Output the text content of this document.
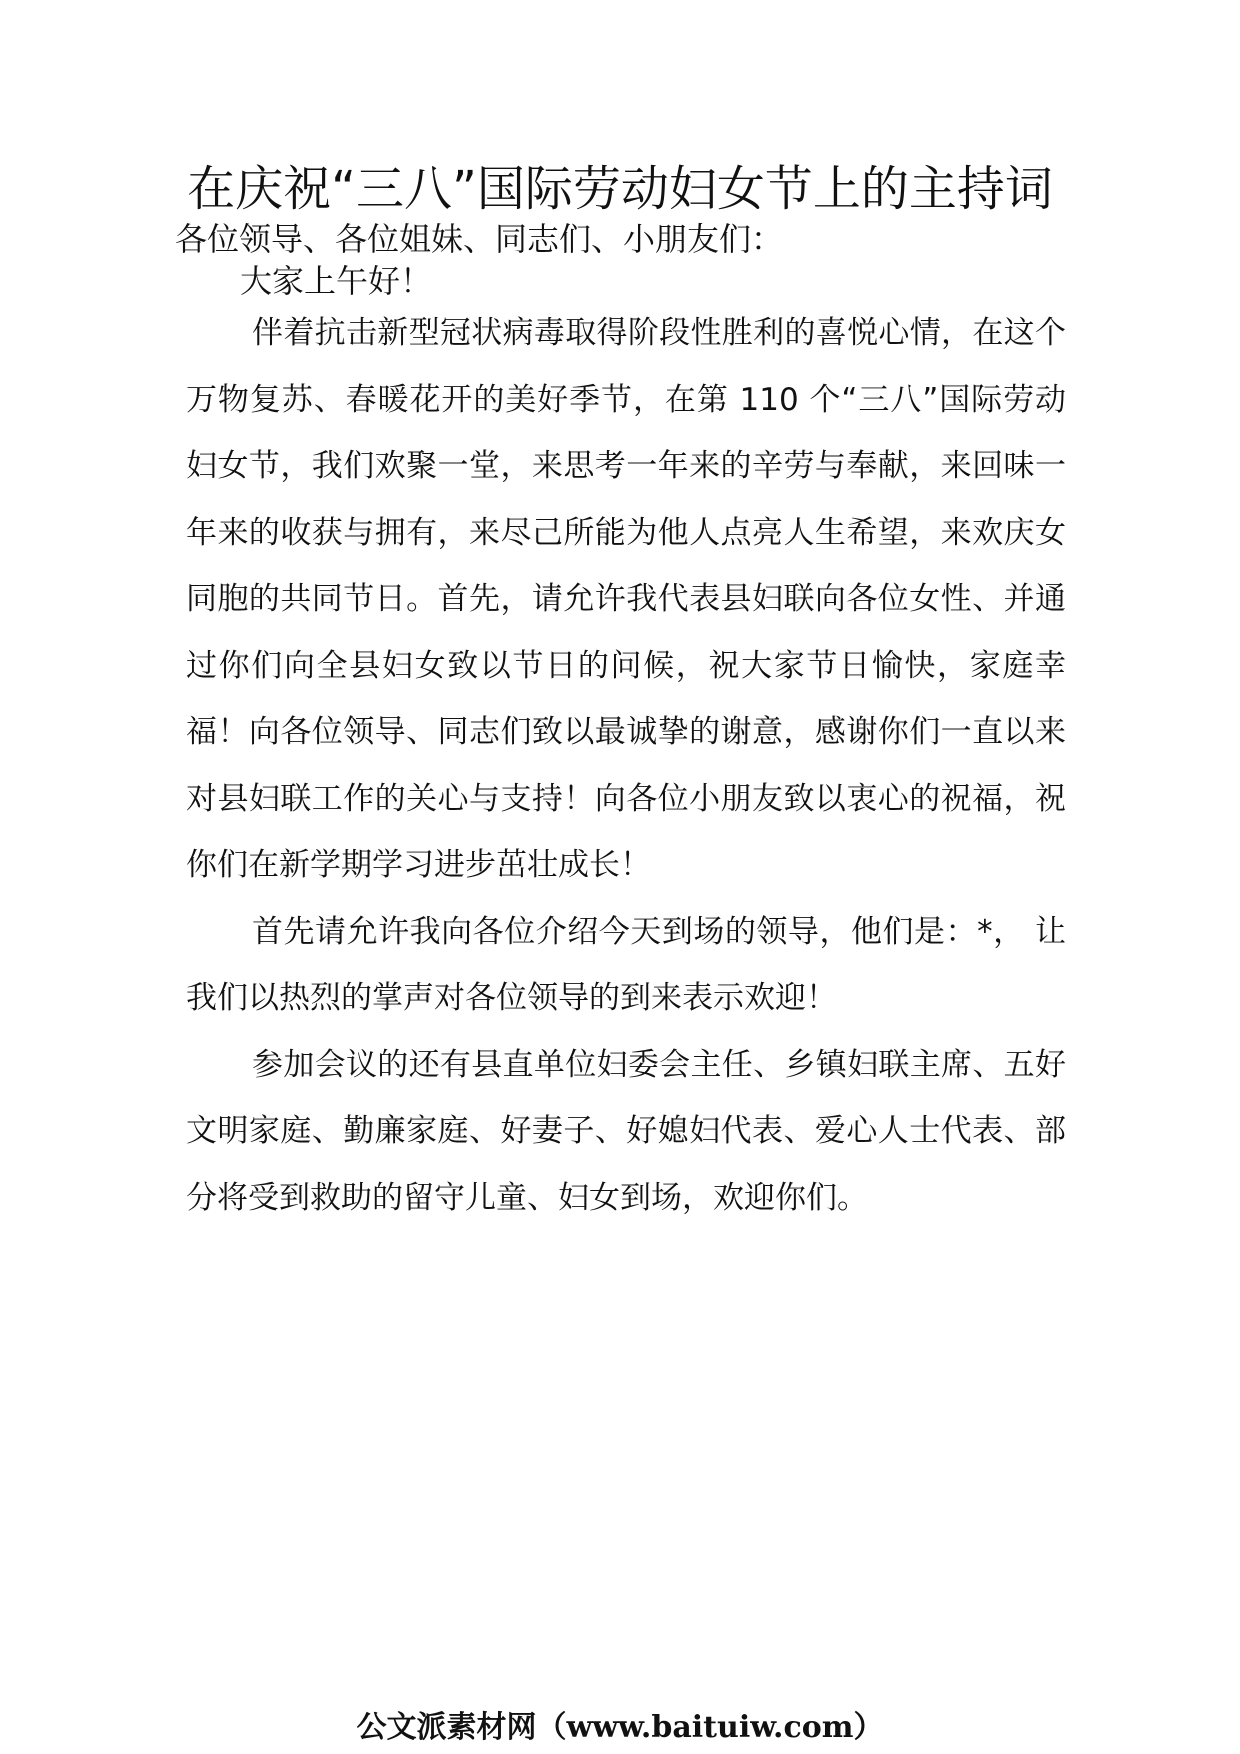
在庆祝“三八”国际劳动妇女节上的主持词
各位领导、各位姐妹、同志们、小朋友们：
大家上午好！

伴着抗击新型冠状病毒取得阶段性胜利的喜悦心情，在这个万物复苏、春暖花开的美好季节，在第 110 个“三八”国际劳动妇女节，我们欢聚一堂，来思考一年来的辛劳与奉献，来回味一年来的收获与拥有，来尽己所能为他人点亮人生希望，来欢庆女同胞的共同节日。首先，请允许我代表县妇联向各位女性、并通过你们向全县妇女致以节日的问候，祝大家节日愉快，家庭幸福！向各位领导、同志们致以最诚挚的谢意，感谢你们一直以来对县妇联工作的关心与支持！向各位小朋友致以衷心的祝福，祝你们在新学期学习进步茁壮成长！

首先请允许我向各位介绍今天到场的领导，他们是：*， 让我们以热烈的掌声对各位领导的到来表示欢迎！

参加会议的还有县直单位妇委会主任、乡镇妇联主席、五好文明家庭、勤廉家庭、好妻子、好媳妇代表、爱心人士代表、部分将受到救助的留守儿童、妇女到场，欢迎你们。

公文派素材网（www.baituiw.com）
